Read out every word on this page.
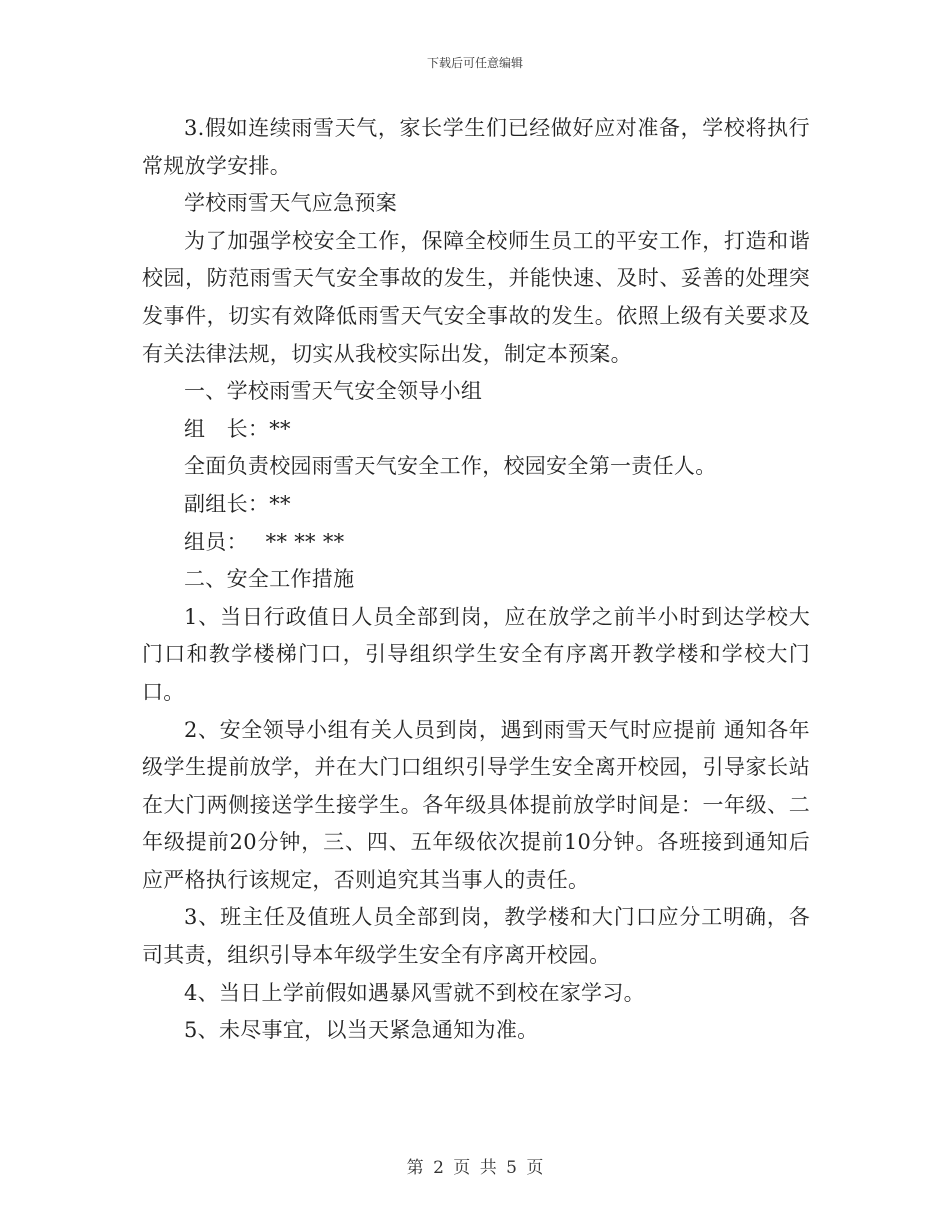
下载后可任意编辑

3.假如连续雨雪天气，家长学生们已经做好应对准备，学校将执行常规放学安排。

学校雨雪天气应急预案

为了加强学校安全工作，保障全校师生员工的平安工作，打造和谐校园，防范雨雪天气安全事故的发生，并能快速、及时、妥善的处理突发事件，切实有效降低雨雪天气安全事故的发生。依照上级有关要求及有关法律法规，切实从我校实际出发，制定本预案。

一、学校雨雪天气安全领导小组

组　长：**

全面负责校园雨雪天气安全工作，校园安全第一责任人。

副组长：**

组员：　 ** ** **

二、安全工作措施

1、当日行政值日人员全部到岗，应在放学之前半小时到达学校大门口和教学楼梯门口，引导组织学生安全有序离开教学楼和学校大门口。

2、安全领导小组有关人员到岗，遇到雨雪天气时应提前 通知各年级学生提前放学，并在大门口组织引导学生安全离开校园，引导家长站在大门两侧接送学生接学生。各年级具体提前放学时间是：一年级、二年级提前20分钟，三、四、五年级依次提前10分钟。各班接到通知后应严格执行该规定，否则追究其当事人的责任。

3、班主任及值班人员全部到岗，教学楼和大门口应分工明确，各司其责，组织引导本年级学生安全有序离开校园。

4、当日上学前假如遇暴风雪就不到校在家学习。

5、未尽事宜，以当天紧急通知为准。

第 2 页 共 5 页
